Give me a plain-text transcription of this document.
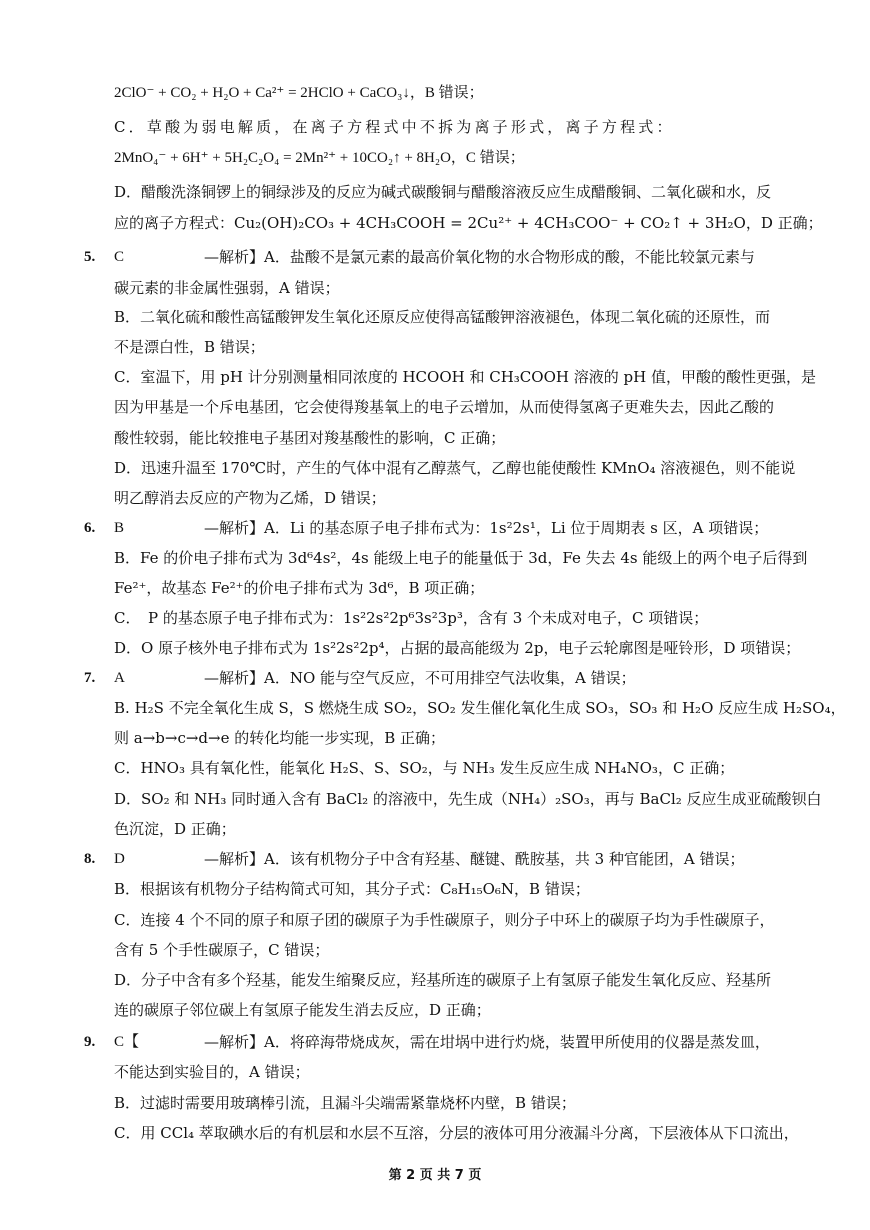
2ClO⁻ + CO₂ + H₂O + Ca²⁺ = 2HClO + CaCO₃↓，B 错误；
C．草酸为弱电解质，在离子方程式中不拆为离子形式，离子方程式：
2MnO₄⁻ + 6H⁺ + 5H₂C₂O₄ = 2Mn²⁺ + 10CO₂↑ + 8H₂O，C 错误；
D．醋酸洗涤铜锣上的铜绿涉及的反应为碱式碳酸铜与醋酸溶液反应生成醋酸铜、二氧化碳和水，反
应的离子方程式：Cu₂(OH)₂CO₃ + 4CH₃COOH = 2Cu²⁺ + 4CH₃COO⁻ + CO₂↑ + 3H₂O，D 正确；
5. C	—解析】A．盐酸不是氯元素的最高价氧化物的水合物形成的酸，不能比较氯元素与
碳元素的非金属性强弱，A 错误；
B．二氧化硫和酸性高锰酸钾发生氧化还原反应使得高锰酸钾溶液褪色，体现二氧化硫的还原性，而
不是漂白性，B 错误；
C．室温下，用 pH 计分别测量相同浓度的 HCOOH 和 CH₃COOH 溶液的 pH 值，甲酸的酸性更强，是
因为甲基是一个斥电基团，它会使得羧基氧上的电子云增加，从而使得氢离子更难失去，因此乙酸的
酸性较弱，能比较推电子基团对羧基酸性的影响，C 正确；
D．迅速升温至 170℃时，产生的气体中混有乙醇蒸气，乙醇也能使酸性 KMnO₄ 溶液褪色，则不能说
明乙醇消去反应的产物为乙烯，D 错误；
6. B	—解析】A．Li 的基态原子电子排布式为：1s²2s¹，Li 位于周期表 s 区，A 项错误；
B．Fe 的价电子排布式为 3d⁶4s²，4s 能级上电子的能量低于 3d，Fe 失去 4s 能级上的两个电子后得到
Fe²⁺，故基态 Fe²⁺的价电子排布式为 3d⁶，B 项正确；
C．　P 的基态原子电子排布式为：1s²2s²2p⁶3s²3p³，含有 3 个未成对电子，C 项错误；
D．O 原子核外电子排布式为 1s²2s²2p⁴，占据的最高能级为 2p，电子云轮廓图是哑铃形，D 项错误；
7. A	—解析】A．NO 能与空气反应，不可用排空气法收集，A 错误；
B. H₂S 不完全氧化生成 S，S 燃烧生成 SO₂，SO₂ 发生催化氧化生成 SO₃，SO₃ 和 H₂O 反应生成 H₂SO₄，
则 a→b→c→d→e 的转化均能一步实现，B 正确；
C．HNO₃ 具有氧化性，能氧化 H₂S、S、SO₂，与 NH₃ 发生反应生成 NH₄NO₃，C 正确；
D．SO₂ 和 NH₃ 同时通入含有 BaCl₂ 的溶液中，先生成（NH₄）₂SO₃，再与 BaCl₂ 反应生成亚硫酸钡白
色沉淀，D 正确；
8. D	—解析】A．该有机物分子中含有羟基、醚键、酰胺基，共 3 种官能团，A 错误；
B．根据该有机物分子结构简式可知，其分子式：C₈H₁₅O₆N，B 错误；
C．连接 4 个不同的原子和原子团的碳原子为手性碳原子，则分子中环上的碳原子均为手性碳原子，
含有 5 个手性碳原子，C 错误；
D．分子中含有多个羟基，能发生缩聚反应，羟基所连的碳原子上有氢原子能发生氧化反应、羟基所
连的碳原子邻位碳上有氢原子能发生消去反应，D 正确；
9. C【	—解析】A．将碎海带烧成灰，需在坩埚中进行灼烧，装置甲所使用的仪器是蒸发皿，
不能达到实验目的，A 错误；
B．过滤时需要用玻璃棒引流，且漏斗尖端需紧靠烧杯内壁，B 错误；
C．用 CCl₄ 萃取碘水后的有机层和水层不互溶，分层的液体可用分液漏斗分离，下层液体从下口流出，
第 2 页 共 7 页
